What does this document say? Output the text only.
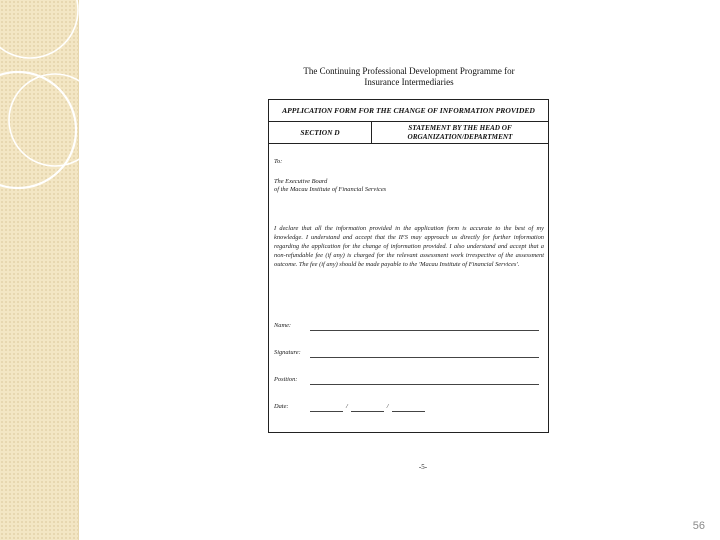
The Continuing Professional Development Programme for
Insurance Intermediaries
APPLICATION FORM FOR THE CHANGE OF INFORMATION PROVIDED
SECTION D	STATEMENT BY THE HEAD OF
ORGANIZATION/DEPARTMENT
To:
The Executive Board
of the Macau Institute of Financial Services
I declare that all the information provided in the application form is accurate to the best of my knowledge. I understand and accept that the IFS may approach us directly for further information regarding the application for the change of information provided. I also understand and accept that a non-refundable fee (if any) is charged for the relevant assessment work irrespective of the assessment outcome. The fee (if any) should be made payable to the 'Macau Institute of Financial Services'.
Name:
Signature:
Position:
Date:	/	/
-5-
56
